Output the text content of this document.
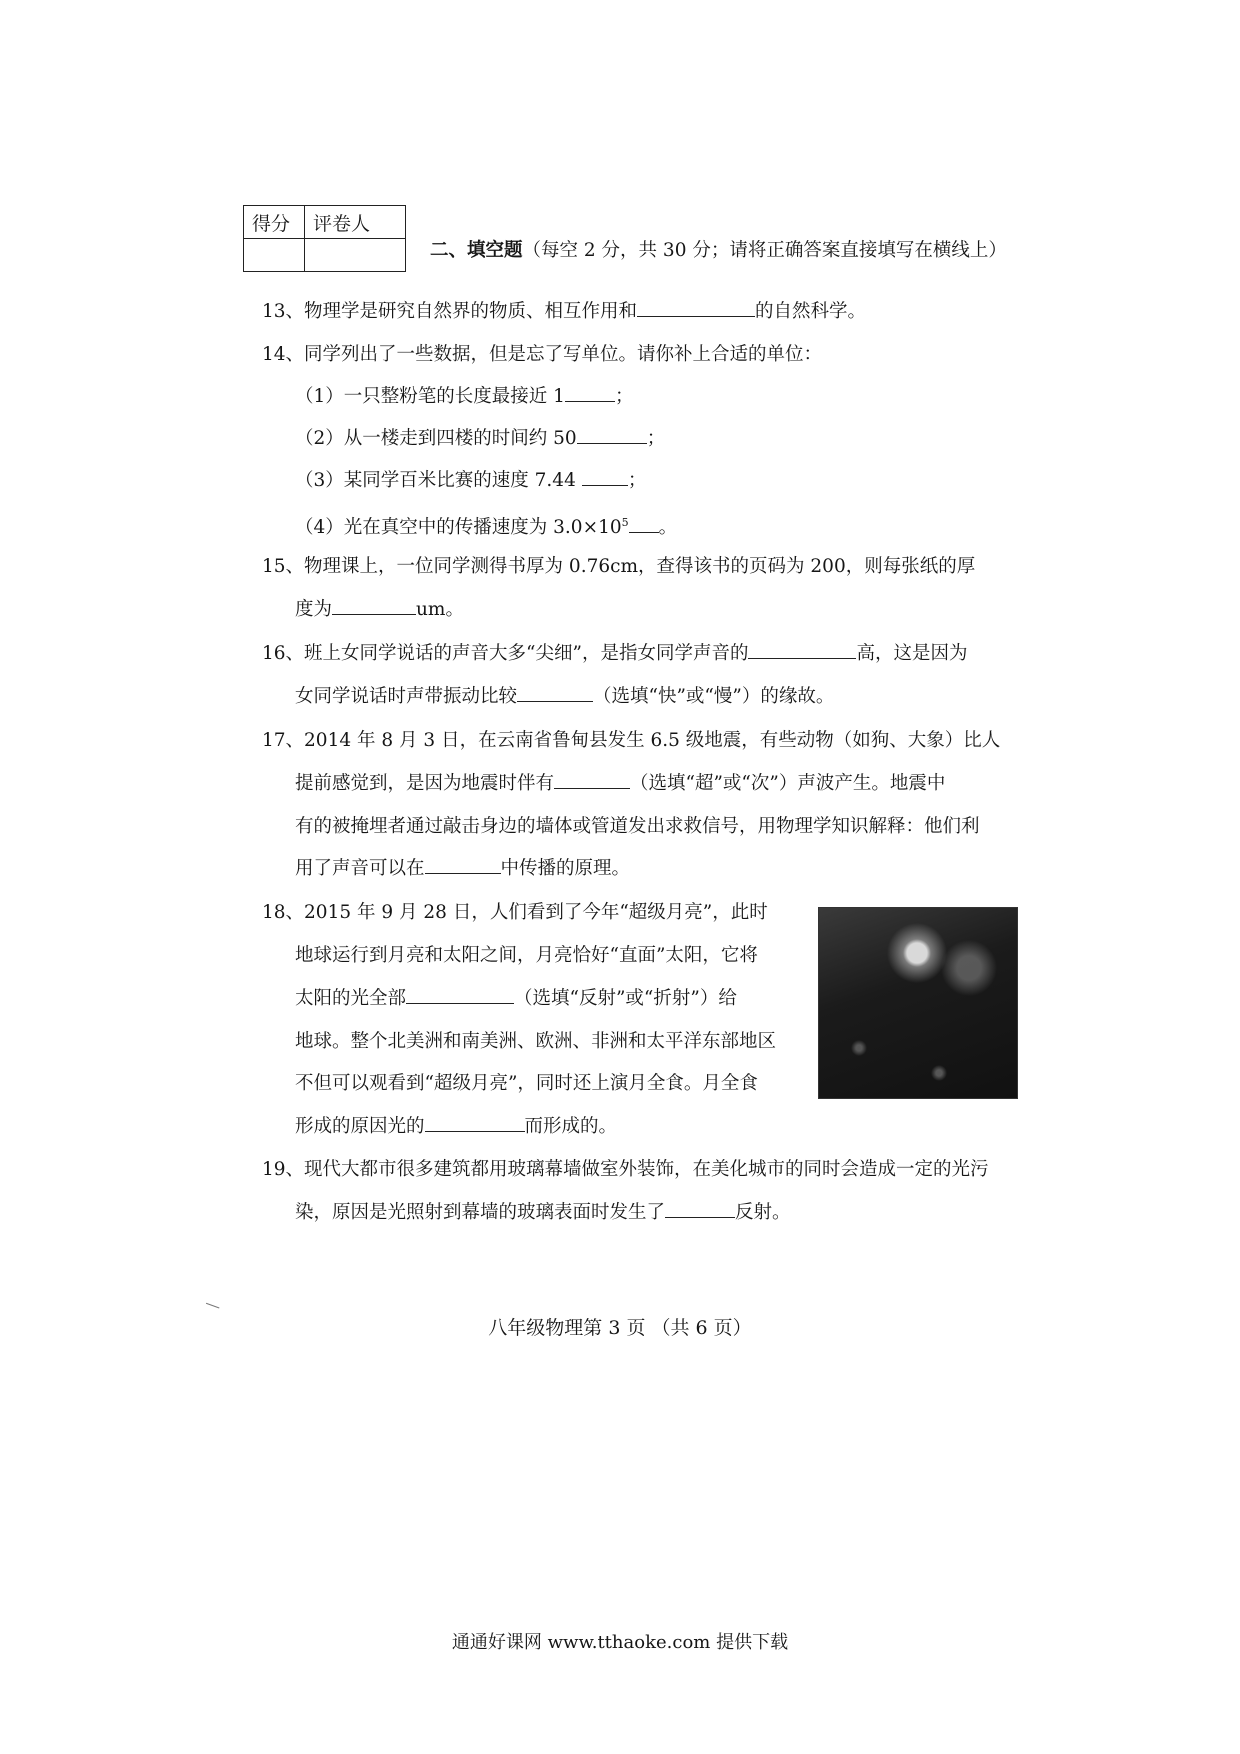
得分	评卷人

二、填空题（每空 2 分，共 30 分；请将正确答案直接填写在横线上）
13、物理学是研究自然界的物质、相互作用和	的自然科学。
14、同学列出了一些数据，但是忘了写单位。请你补上合适的单位：
（1）一只整粉笔的长度最接近 1	；
（2）从一楼走到四楼的时间约 50	；
（3）某同学百米比赛的速度 7.44	；
（4）光在真空中的传播速度为 $3.0\times 10^5$ 。
15、物理课上，一位同学测得书厚为 0.76cm，查得该书的页码为 200，则每张纸的厚
度为	um。
16、班上女同学说话的声音大多“尖细”，是指女同学声音的	高，这是因为
女同学说话时声带振动比较	（选填“快”或“慢”）的缘故。
17、2014 年 8 月 3 日，在云南省鲁甸县发生 6.5 级地震，有些动物（如狗、大象）比人
提前感觉到，是因为地震时伴有	（选填“超”或“次”）声波产生。地震中
有的被掩埋者通过敲击身边的墙体或管道发出求救信号，用物理学知识解释：他们利
用了声音可以在	中传播的原理。
18、2015 年 9 月 28 日，人们看到了今年“超级月亮”，此时
地球运行到月亮和太阳之间，月亮恰好“直面”太阳，它将
太阳的光全部	（选填“反射”或“折射”）给
地球。整个北美洲和南美洲、欧洲、非洲和太平洋东部地区
不但可以观看到“超级月亮”，同时还上演月全食。月全食
形成的原因光的	而形成的。
19、现代大都市很多建筑都用玻璃幕墙做室外装饰，在美化城市的同时会造成一定的光污
染，原因是光照射到幕墙的玻璃表面时发生了	反射。
八年级物理第 3 页 （共 6 页）
通通好课网 www.tthaoke.com 提供下载
